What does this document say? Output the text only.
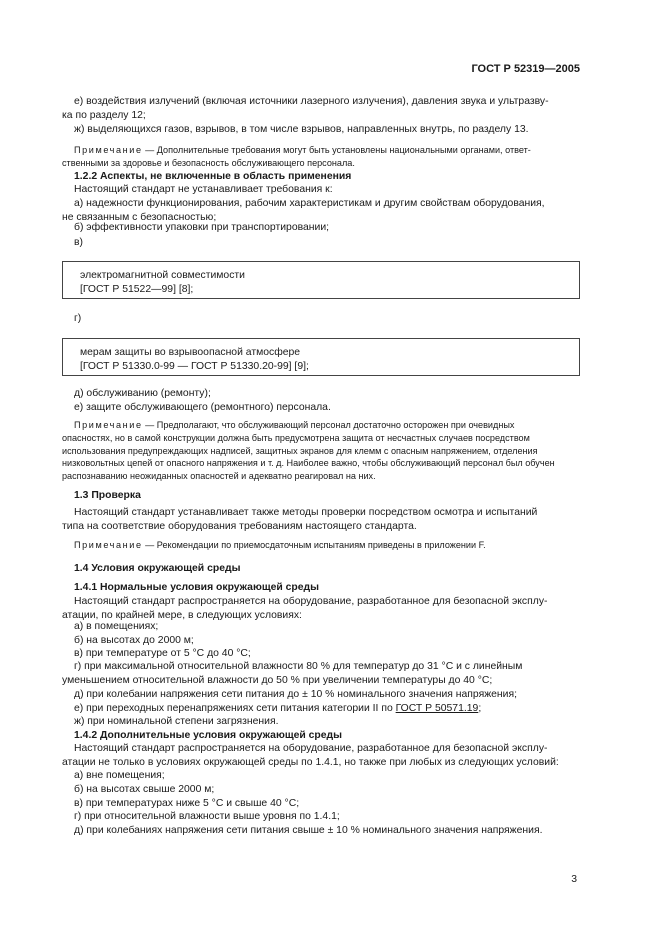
ГОСТ Р 52319—2005
е) воздействия излучений (включая источники лазерного излучения), давления звука и ультразву-
ка по разделу 12;
ж) выделяющихся газов, взрывов, в том числе взрывов, направленных внутрь, по разделу 13.
Примечание — Дополнительные требования могут быть установлены национальными органами, ответ-
ственными за здоровье и безопасность обслуживающего персонала.
1.2.2 Аспекты, не включенные в область применения
Настоящий стандарт не устанавливает требования к:
а) надежности функционирования, рабочим характеристикам и другим свойствам оборудования,
не связанным с безопасностью;
б) эффективности упаковки при транспортировании;
в)
электромагнитной совместимости
[ГОСТ Р 51522—99] [8];
г)
мерам защиты во взрывоопасной атмосфере
[ГОСТ Р 51330.0-99 — ГОСТ Р 51330.20-99] [9];
д) обслуживанию (ремонту);
е) защите обслуживающего (ремонтного) персонала.
Примечание — Предполагают, что обслуживающий персонал достаточно осторожен при очевидных
опасностях, но в самой конструкции должна быть предусмотрена защита от несчастных случаев посредством
использования предупреждающих надписей, защитных экранов для клемм с опасным напряжением, отделения
низковольтных цепей от опасного напряжения и т. д. Наиболее важно, чтобы обслуживающий персонал был обучен
распознаванию неожиданных опасностей и адекватно реагировал на них.
1.3 Проверка
Настоящий стандарт устанавливает также методы проверки посредством осмотра и испытаний
типа на соответствие оборудования требованиям настоящего стандарта.
Примечание — Рекомендации по приемосдаточным испытаниям приведены в приложении F.
1.4 Условия окружающей среды
1.4.1 Нормальные условия окружающей среды
Настоящий стандарт распространяется на оборудование, разработанное для безопасной эксплу-
атации, по крайней мере, в следующих условиях:
а) в помещениях;
б) на высотах до 2000 м;
в) при температуре от 5 °С до 40 °С;
г) при максимальной относительной влажности 80 % для температур до 31 °С и с линейным
уменьшением относительной влажности до 50 % при увеличении температуры до 40 °С;
д) при колебании напряжения сети питания до ± 10 % номинального значения напряжения;
е) при переходных перенапряжениях сети питания категории II по ГОСТ Р 50571.19;
ж) при номинальной степени загрязнения.
1.4.2 Дополнительные условия окружающей среды
Настоящий стандарт распространяется на оборудование, разработанное для безопасной эксплу-
атации не только в условиях окружающей среды по 1.4.1, но также при любых из следующих условий:
а) вне помещения;
б) на высотах свыше 2000 м;
в) при температурах ниже 5 °С и свыше 40 °С;
г) при относительной влажности выше уровня по 1.4.1;
д) при колебаниях напряжения сети питания свыше ± 10 % номинального значения напряжения.
3
